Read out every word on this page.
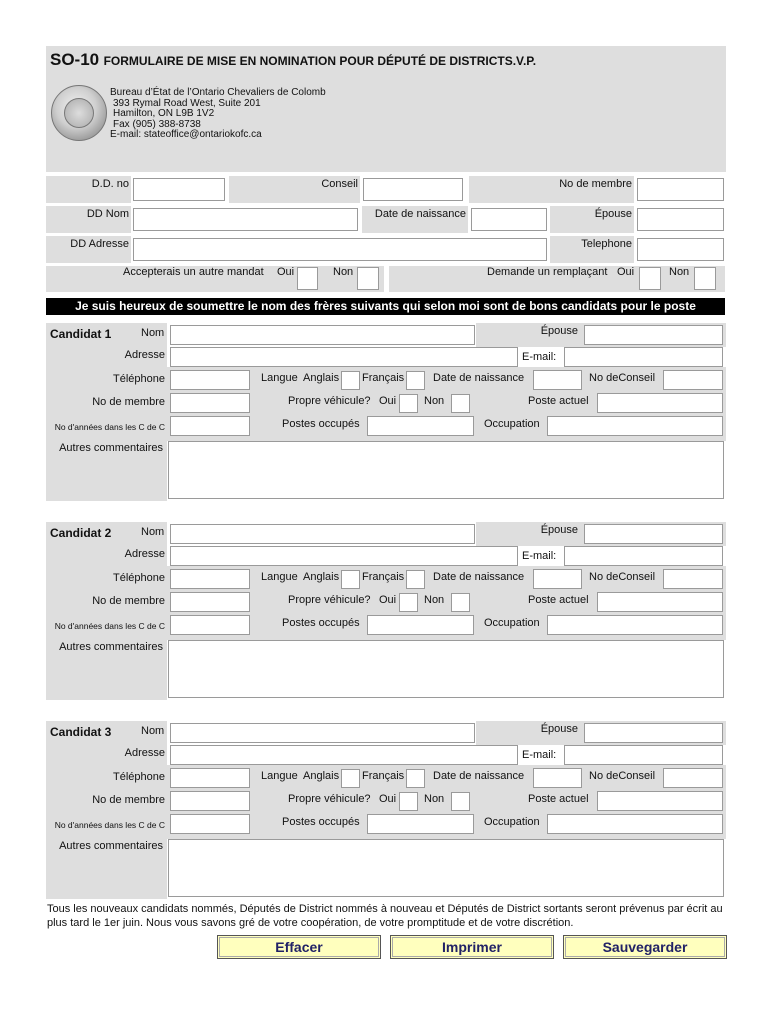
SO-10 FORMULAIRE DE MISE EN NOMINATION POUR DÉPUTÉ DE DISTRICTS.V.P.
Bureau d’État de l’Ontario Chevaliers de Colomb
393 Rymal Road West, Suite 201
Hamilton, ON L9B 1V2
Fax (905) 388-8738
E-mail: stateoffice@ontariokofc.ca
D.D. no	Conseil	No de membre
DD Nom	Date de naissance	Épouse
DD Adresse	Telephone
Accepterais un autre mandat Oui	Non	Demande un remplaçant Oui	Non
Je suis heureux de soumettre le nom des frères suivants qui selon moi sont de bons candidats pour le poste
Candidat 1	Nom	Épouse
Adresse	E-mail:
Téléphone	Langue Anglais Français	Date de naissance	No deConseil
No de membre	Propre véhicule? Oui	Non	Poste actuel
No d'années dans les C de C	Postes occupés	Occupation
Autres commentaires
Candidat 2	Nom	Épouse
Adresse	E-mail:
Téléphone	Langue Anglais Français	Date de naissance	No deConseil
No de membre	Propre véhicule? Oui	Non	Poste actuel
No d'années dans les C de C	Postes occupés	Occupation
Autres commentaires
Candidat 3	Nom	Épouse
Adresse	E-mail:
Téléphone	Langue Anglais Français	Date de naissance	No deConseil
No de membre	Propre véhicule? Oui	Non	Poste actuel
No d'années dans les C de C	Postes occupés	Occupation
Autres commentaires
Tous les nouveaux candidats nommés, Députés de District nommés à nouveau et Députés de District sortants seront prévenus par écrit au plus tard le 1er juin. Nous vous savons gré de votre coopération, de votre promptitude et de votre discrétion.
Effacer	Imprimer	Sauvegarder
